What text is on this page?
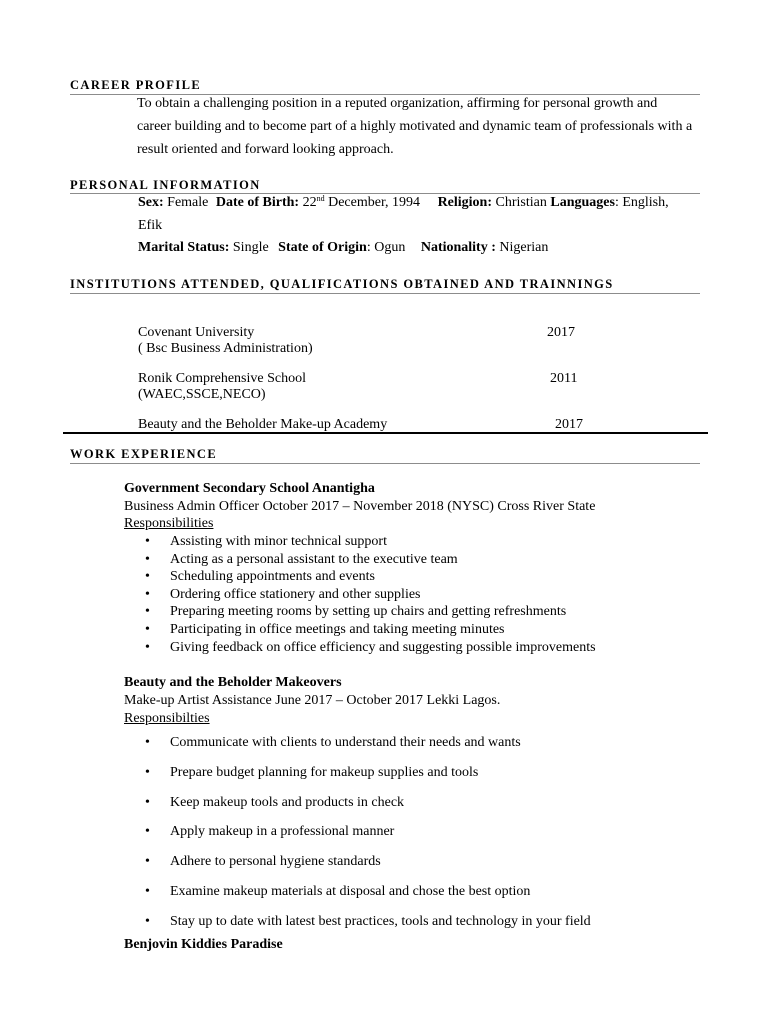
CAREER PROFILE
To obtain a challenging position in a reputed organization, affirming for personal growth and
career building and to become part of a highly motivated and dynamic team of professionals with a
result oriented and forward looking approach.
PERSONAL INFORMATION
Sex: Female Date of Birth: 22nd December, 1994 Religion: Christian Languages: English,
Efik
Marital Status: Single State of Origin: Ogun Nationality : Nigerian
INSTITUTIONS ATTENDED, QUALIFICATIONS OBTAINED AND TRAINNINGS
Covenant University	2017
( Bsc Business Administration)
Ronik Comprehensive School	2011
(WAEC,SSCE,NECO)
Beauty and the Beholder Make-up Academy	2017
WORK EXPERIENCE
Government Secondary School Anantigha
Business Admin Officer October 2017 – November 2018 (NYSC) Cross River State
Responsibilities
• Assisting with minor technical support
• Acting as a personal assistant to the executive team
• Scheduling appointments and events
• Ordering office stationery and other supplies
• Preparing meeting rooms by setting up chairs and getting refreshments
• Participating in office meetings and taking meeting minutes
• Giving feedback on office efficiency and suggesting possible improvements
Beauty and the Beholder Makeovers
Make-up Artist Assistance June 2017 – October 2017 Lekki Lagos.
Responsibilties
• Communicate with clients to understand their needs and wants
• Prepare budget planning for makeup supplies and tools
• Keep makeup tools and products in check
• Apply makeup in a professional manner
• Adhere to personal hygiene standards
• Examine makeup materials at disposal and chose the best option
• Stay up to date with latest best practices, tools and technology in your field
Benjovin Kiddies Paradise
